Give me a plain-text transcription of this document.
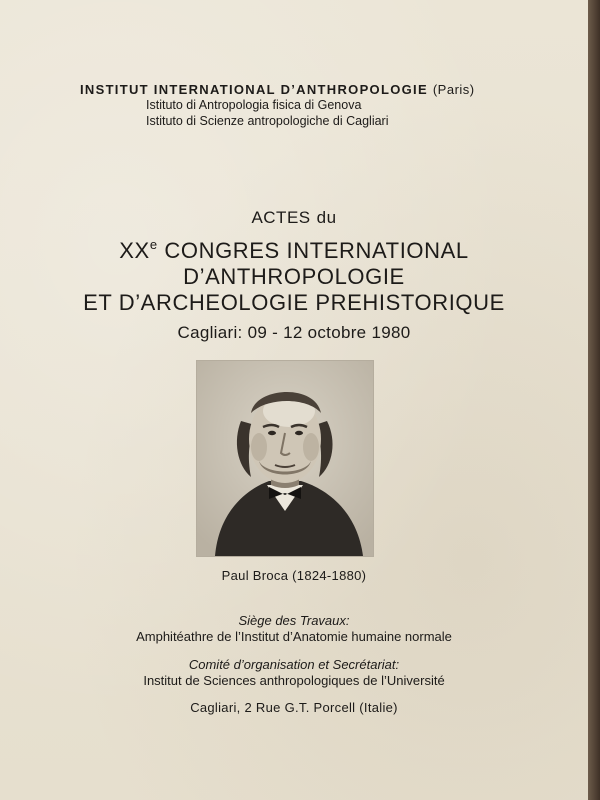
INSTITUT INTERNATIONAL D’ANTHROPOLOGIE (Paris)
Istituto di Antropologia fisica di Genova
Istituto di Scienze antropologiche di Cagliari
ACTES du
XXe CONGRES INTERNATIONAL
D’ANTHROPOLOGIE
ET D’ARCHEOLOGIE PREHISTORIQUE
Cagliari: 09 - 12 octobre 1980
Paul Broca (1824-1880)
Siège des Travaux:
Amphitéathre de l’Institut d’Anatomie humaine normale
Comité d’organisation et Secrétariat:
Institut de Sciences anthropologiques de l’Université
Cagliari, 2 Rue G.T. Porcell (Italie)
